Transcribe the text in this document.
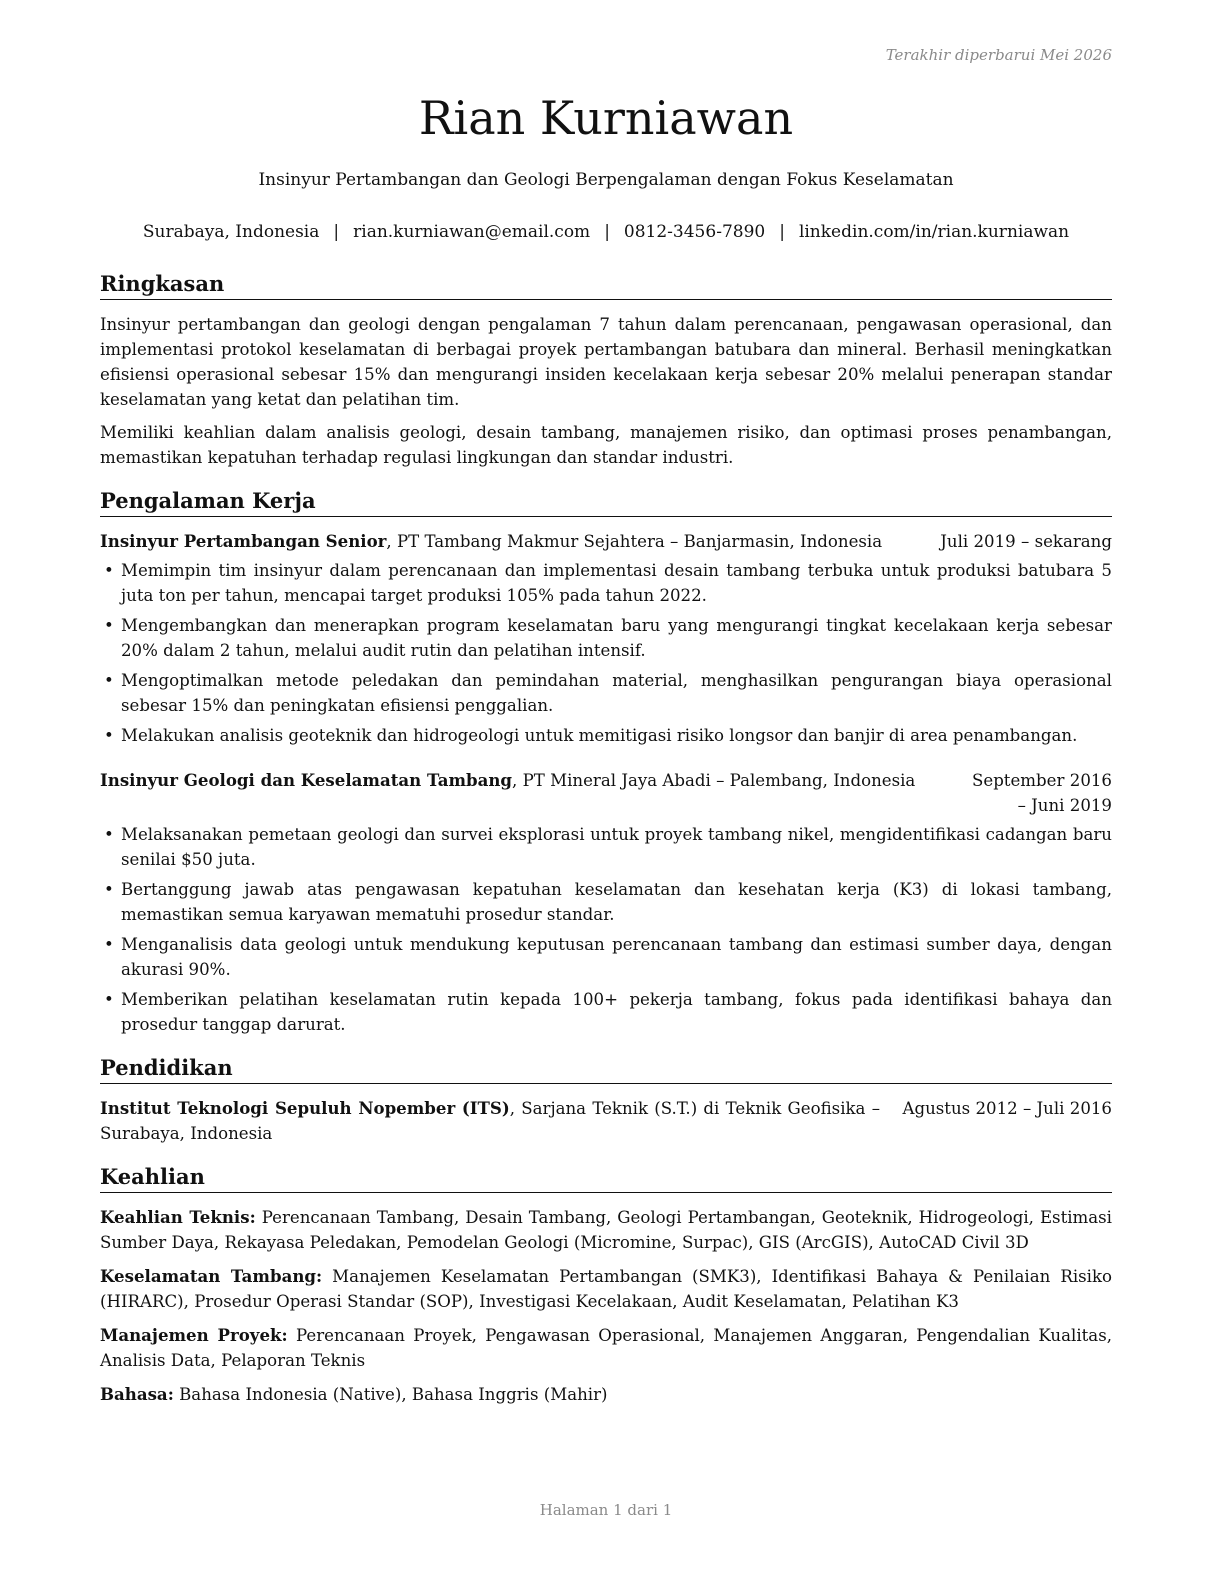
Terakhir diperbarui Mei 2026
Rian Kurniawan
Insinyur Pertambangan dan Geologi Berpengalaman dengan Fokus Keselamatan
Surabaya, Indonesia | rian.kurniawan@email.com | 0812-3456-7890 | linkedin.com/in/rian.kurniawan
Ringkasan

Insinyur pertambangan dan geologi dengan pengalaman 7 tahun dalam perencanaan, pengawasan operasional, dan implementasi protokol keselamatan di berbagai proyek pertambangan batubara dan mineral. Berhasil meningkatkan efisiensi operasional sebesar 15% dan mengurangi insiden kecelakaan kerja sebesar 20% melalui penerapan standar keselamatan yang ketat dan pelatihan tim.

Memiliki keahlian dalam analisis geologi, desain tambang, manajemen risiko, dan optimasi proses penambangan, memastikan kepatuhan terhadap regulasi lingkungan dan standar industri.

Pengalaman Kerja
Insinyur Pertambangan Senior, PT Tambang Makmur Sejahtera – Banjarmasin, Indonesia	Juli 2019 – sekarang
• Memimpin tim insinyur dalam perencanaan dan implementasi desain tambang terbuka untuk produksi batubara 5 juta ton per tahun, mencapai target produksi 105% pada tahun 2022.
• Mengembangkan dan menerapkan program keselamatan baru yang mengurangi tingkat kecelakaan kerja sebesar 20% dalam 2 tahun, melalui audit rutin dan pelatihan intensif.
• Mengoptimalkan metode peledakan dan pemindahan material, menghasilkan pengurangan biaya operasional sebesar 15% dan peningkatan efisiensi penggalian.
• Melakukan analisis geoteknik dan hidrogeologi untuk memitigasi risiko longsor dan banjir di area penambangan.
Insinyur Geologi dan Keselamatan Tambang, PT Mineral Jaya Abadi – Palembang, Indonesia	September 2016 – Juni 2019
• Melaksanakan pemetaan geologi dan survei eksplorasi untuk proyek tambang nikel, mengidentifikasi cadangan baru senilai $50 juta.
• Bertanggung jawab atas pengawasan kepatuhan keselamatan dan kesehatan kerja (K3) di lokasi tambang, memastikan semua karyawan mematuhi prosedur standar.
• Menganalisis data geologi untuk mendukung keputusan perencanaan tambang dan estimasi sumber daya, dengan akurasi 90%.
• Memberikan pelatihan keselamatan rutin kepada 100+ pekerja tambang, fokus pada identifikasi bahaya dan prosedur tanggap darurat.
Pendidikan
Institut Teknologi Sepuluh Nopember (ITS), Sarjana Teknik (S.T.) di Teknik Geofisika – Surabaya, Indonesia
Agustus 2012 – Juli 2016
Keahlian

Keahlian Teknis: Perencanaan Tambang, Desain Tambang, Geologi Pertambangan, Geoteknik, Hidrogeologi, Estimasi Sumber Daya, Rekayasa Peledakan, Pemodelan Geologi (Micromine, Surpac), GIS (ArcGIS), AutoCAD Civil 3D

Keselamatan Tambang: Manajemen Keselamatan Pertambangan (SMK3), Identifikasi Bahaya & Penilaian Risiko (HIRARC), Prosedur Operasi Standar (SOP), Investigasi Kecelakaan, Audit Keselamatan, Pelatihan K3

Manajemen Proyek: Perencanaan Proyek, Pengawasan Operasional, Manajemen Anggaran, Pengendalian Kualitas, Analisis Data, Pelaporan Teknis

Bahasa: Bahasa Indonesia (Native), Bahasa Inggris (Mahir)

Halaman 1 dari 1
